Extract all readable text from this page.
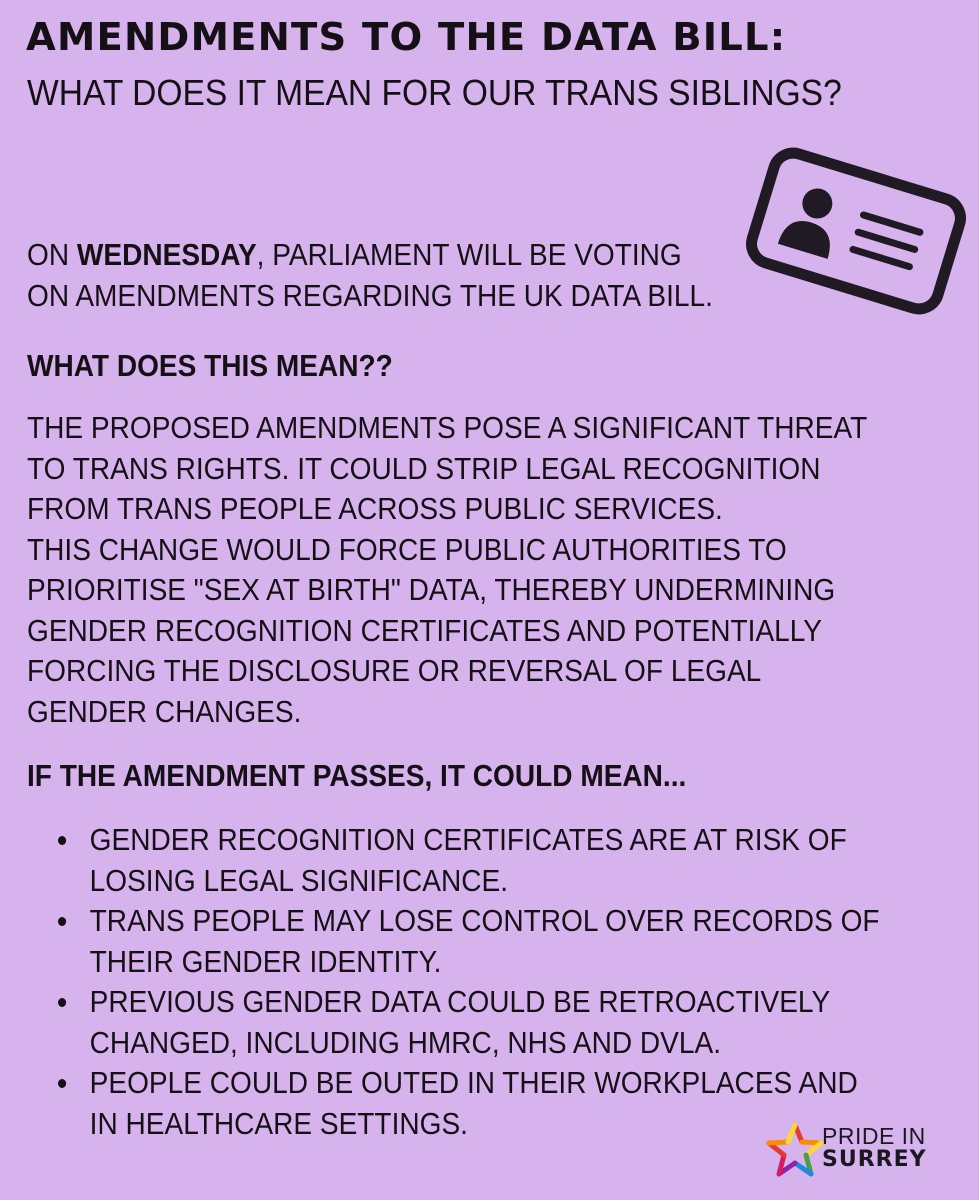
AMENDMENTS TO THE DATA BILL:
WHAT DOES IT MEAN FOR OUR TRANS SIBLINGS?
ON WEDNESDAY, PARLIAMENT WILL BE VOTING
ON AMENDMENTS REGARDING THE UK DATA BILL.
WHAT DOES THIS MEAN??
THE PROPOSED AMENDMENTS POSE A SIGNIFICANT THREAT
TO TRANS RIGHTS. IT COULD STRIP LEGAL RECOGNITION
FROM TRANS PEOPLE ACROSS PUBLIC SERVICES.
THIS CHANGE WOULD FORCE PUBLIC AUTHORITIES TO
PRIORITISE "SEX AT BIRTH" DATA, THEREBY UNDERMINING
GENDER RECOGNITION CERTIFICATES AND POTENTIALLY
FORCING THE DISCLOSURE OR REVERSAL OF LEGAL
GENDER CHANGES.
IF THE AMENDMENT PASSES, IT COULD MEAN...
GENDER RECOGNITION CERTIFICATES ARE AT RISK OF
LOSING LEGAL SIGNIFICANCE.
TRANS PEOPLE MAY LOSE CONTROL OVER RECORDS OF
THEIR GENDER IDENTITY.
PREVIOUS GENDER DATA COULD BE RETROACTIVELY
CHANGED, INCLUDING HMRC, NHS AND DVLA.
PEOPLE COULD BE OUTED IN THEIR WORKPLACES AND
IN HEALTHCARE SETTINGS.	PRIDE IN
SURREY
